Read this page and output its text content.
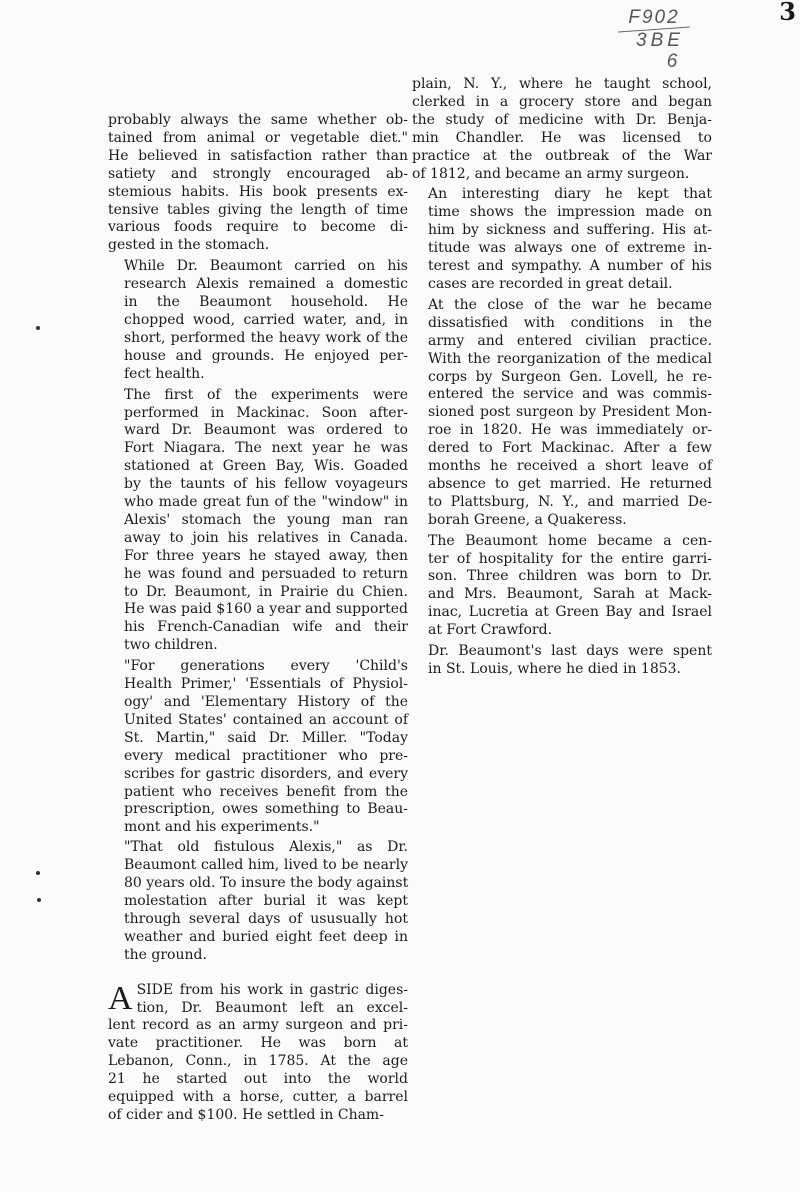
3
F902
3BE
6

probably always the same whether ob-
tained from animal or vegetable diet."
He believed in satisfaction rather than
satiety and strongly encouraged ab-
stemious habits. His book presents ex-
tensive tables giving the length of time
various foods require to become di-
gested in the stomach.

While Dr. Beaumont carried on his
research Alexis remained a domestic
in the Beaumont household. He
chopped wood, carried water, and, in
short, performed the heavy work of the
house and grounds. He enjoyed per-
fect health.

The first of the experiments were
performed in Mackinac. Soon after-
ward Dr. Beaumont was ordered to
Fort Niagara. The next year he was
stationed at Green Bay, Wis. Goaded
by the taunts of his fellow voyageurs
who made great fun of the "window" in
Alexis' stomach the young man ran
away to join his relatives in Canada.
For three years he stayed away, then
he was found and persuaded to return
to Dr. Beaumont, in Prairie du Chien.
He was paid $160 a year and supported
his French-Canadian wife and their
two children.

"For generations every 'Child's
Health Primer,' 'Essentials of Physiol-
ogy' and 'Elementary History of the
United States' contained an account of
St. Martin," said Dr. Miller. "Today
every medical practitioner who pre-
scribes for gastric disorders, and every
patient who receives benefit from the
prescription, owes something to Beau-
mont and his experiments."

"That old fistulous Alexis," as Dr.
Beaumont called him, lived to be nearly
80 years old. To insure the body against
molestation after burial it was kept
through several days of ususually hot
weather and buried eight feet deep in
the ground.

A SIDE from his work in gastric diges-
tion, Dr. Beaumont left an excel-
lent record as an army surgeon and pri-
vate practitioner. He was born at
Lebanon, Conn., in 1785. At the age
21 he started out into the world
equipped with a horse, cutter, a barrel
of cider and $100. He settled in Cham-

plain, N. Y., where he taught school,
clerked in a grocery store and began
the study of medicine with Dr. Benja-
min Chandler. He was licensed to
practice at the outbreak of the War
of 1812, and became an army surgeon.

An interesting diary he kept that
time shows the impression made on
him by sickness and suffering. His at-
titude was always one of extreme in-
terest and sympathy. A number of his
cases are recorded in great detail.

At the close of the war he became
dissatisfied with conditions in the
army and entered civilian practice.
With the reorganization of the medical
corps by Surgeon Gen. Lovell, he re-
entered the service and was commis-
sioned post surgeon by President Mon-
roe in 1820. He was immediately or-
dered to Fort Mackinac. After a few
months he received a short leave of
absence to get married. He returned
to Plattsburg, N. Y., and married De-
borah Greene, a Quakeress.

The Beaumont home became a cen-
ter of hospitality for the entire garri-
son. Three children was born to Dr.
and Mrs. Beaumont, Sarah at Mack-
inac, Lucretia at Green Bay and Israel
at Fort Crawford.

Dr. Beaumont's last days were spent
in St. Louis, where he died in 1853.
